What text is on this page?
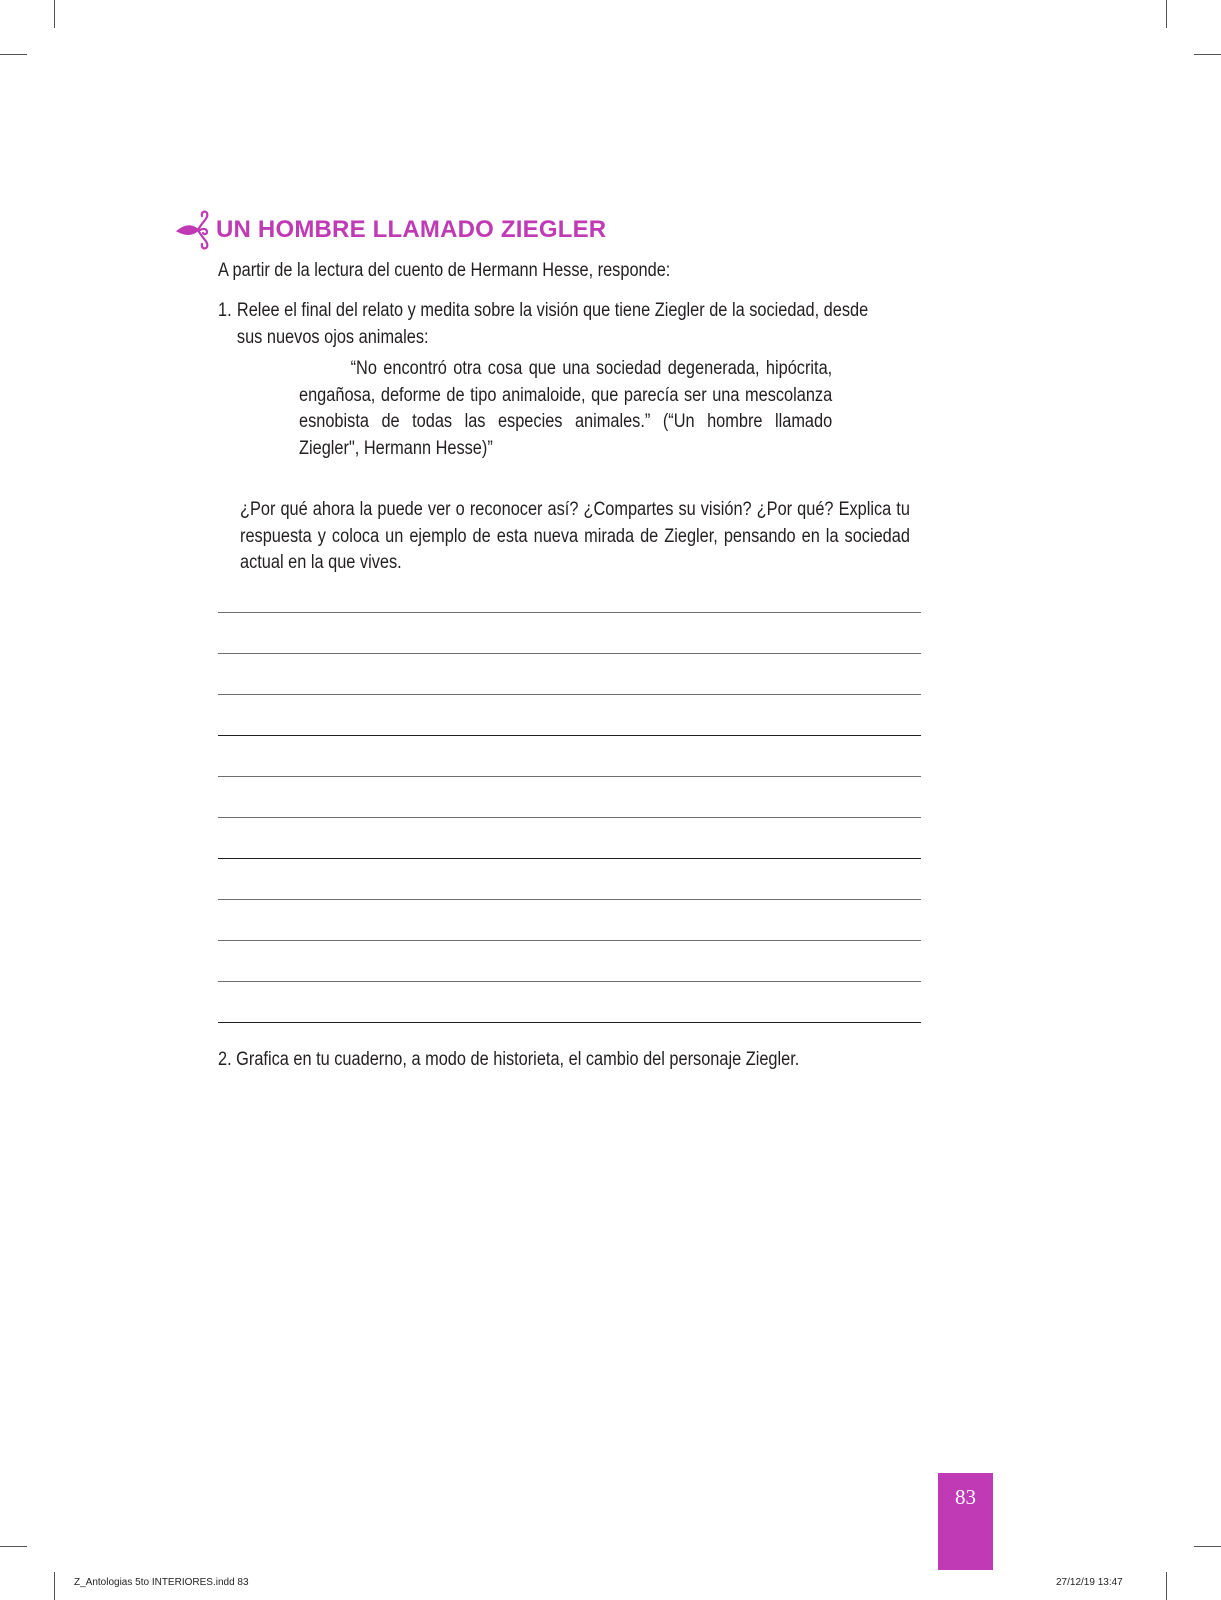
UN HOMBRE LLAMADO ZIEGLER
A partir de la lectura del cuento de Hermann Hesse, responde:
1. Relee el final del relato y medita sobre la visión que tiene Ziegler de la sociedad, desde
sus nuevos ojos animales:
“No encontró otra cosa que una sociedad degenerada, hipócrita, engañosa, deforme de tipo animaloide, que parecía ser una mescolanza esnobista de todas las especies animales.” (“Un hombre llamado Ziegler", Hermann Hesse)”
¿Por qué ahora la puede ver o reconocer así? ¿Compartes su visión? ¿Por qué? Explica tu respuesta y coloca un ejemplo de esta nueva mirada de Ziegler, pensando en la sociedad actual en la que vives.
2. Grafica en tu cuaderno, a modo de historieta, el cambio del personaje Ziegler.
83
Z_Antologias 5to INTERIORES.indd 83	27/12/19 13:47
